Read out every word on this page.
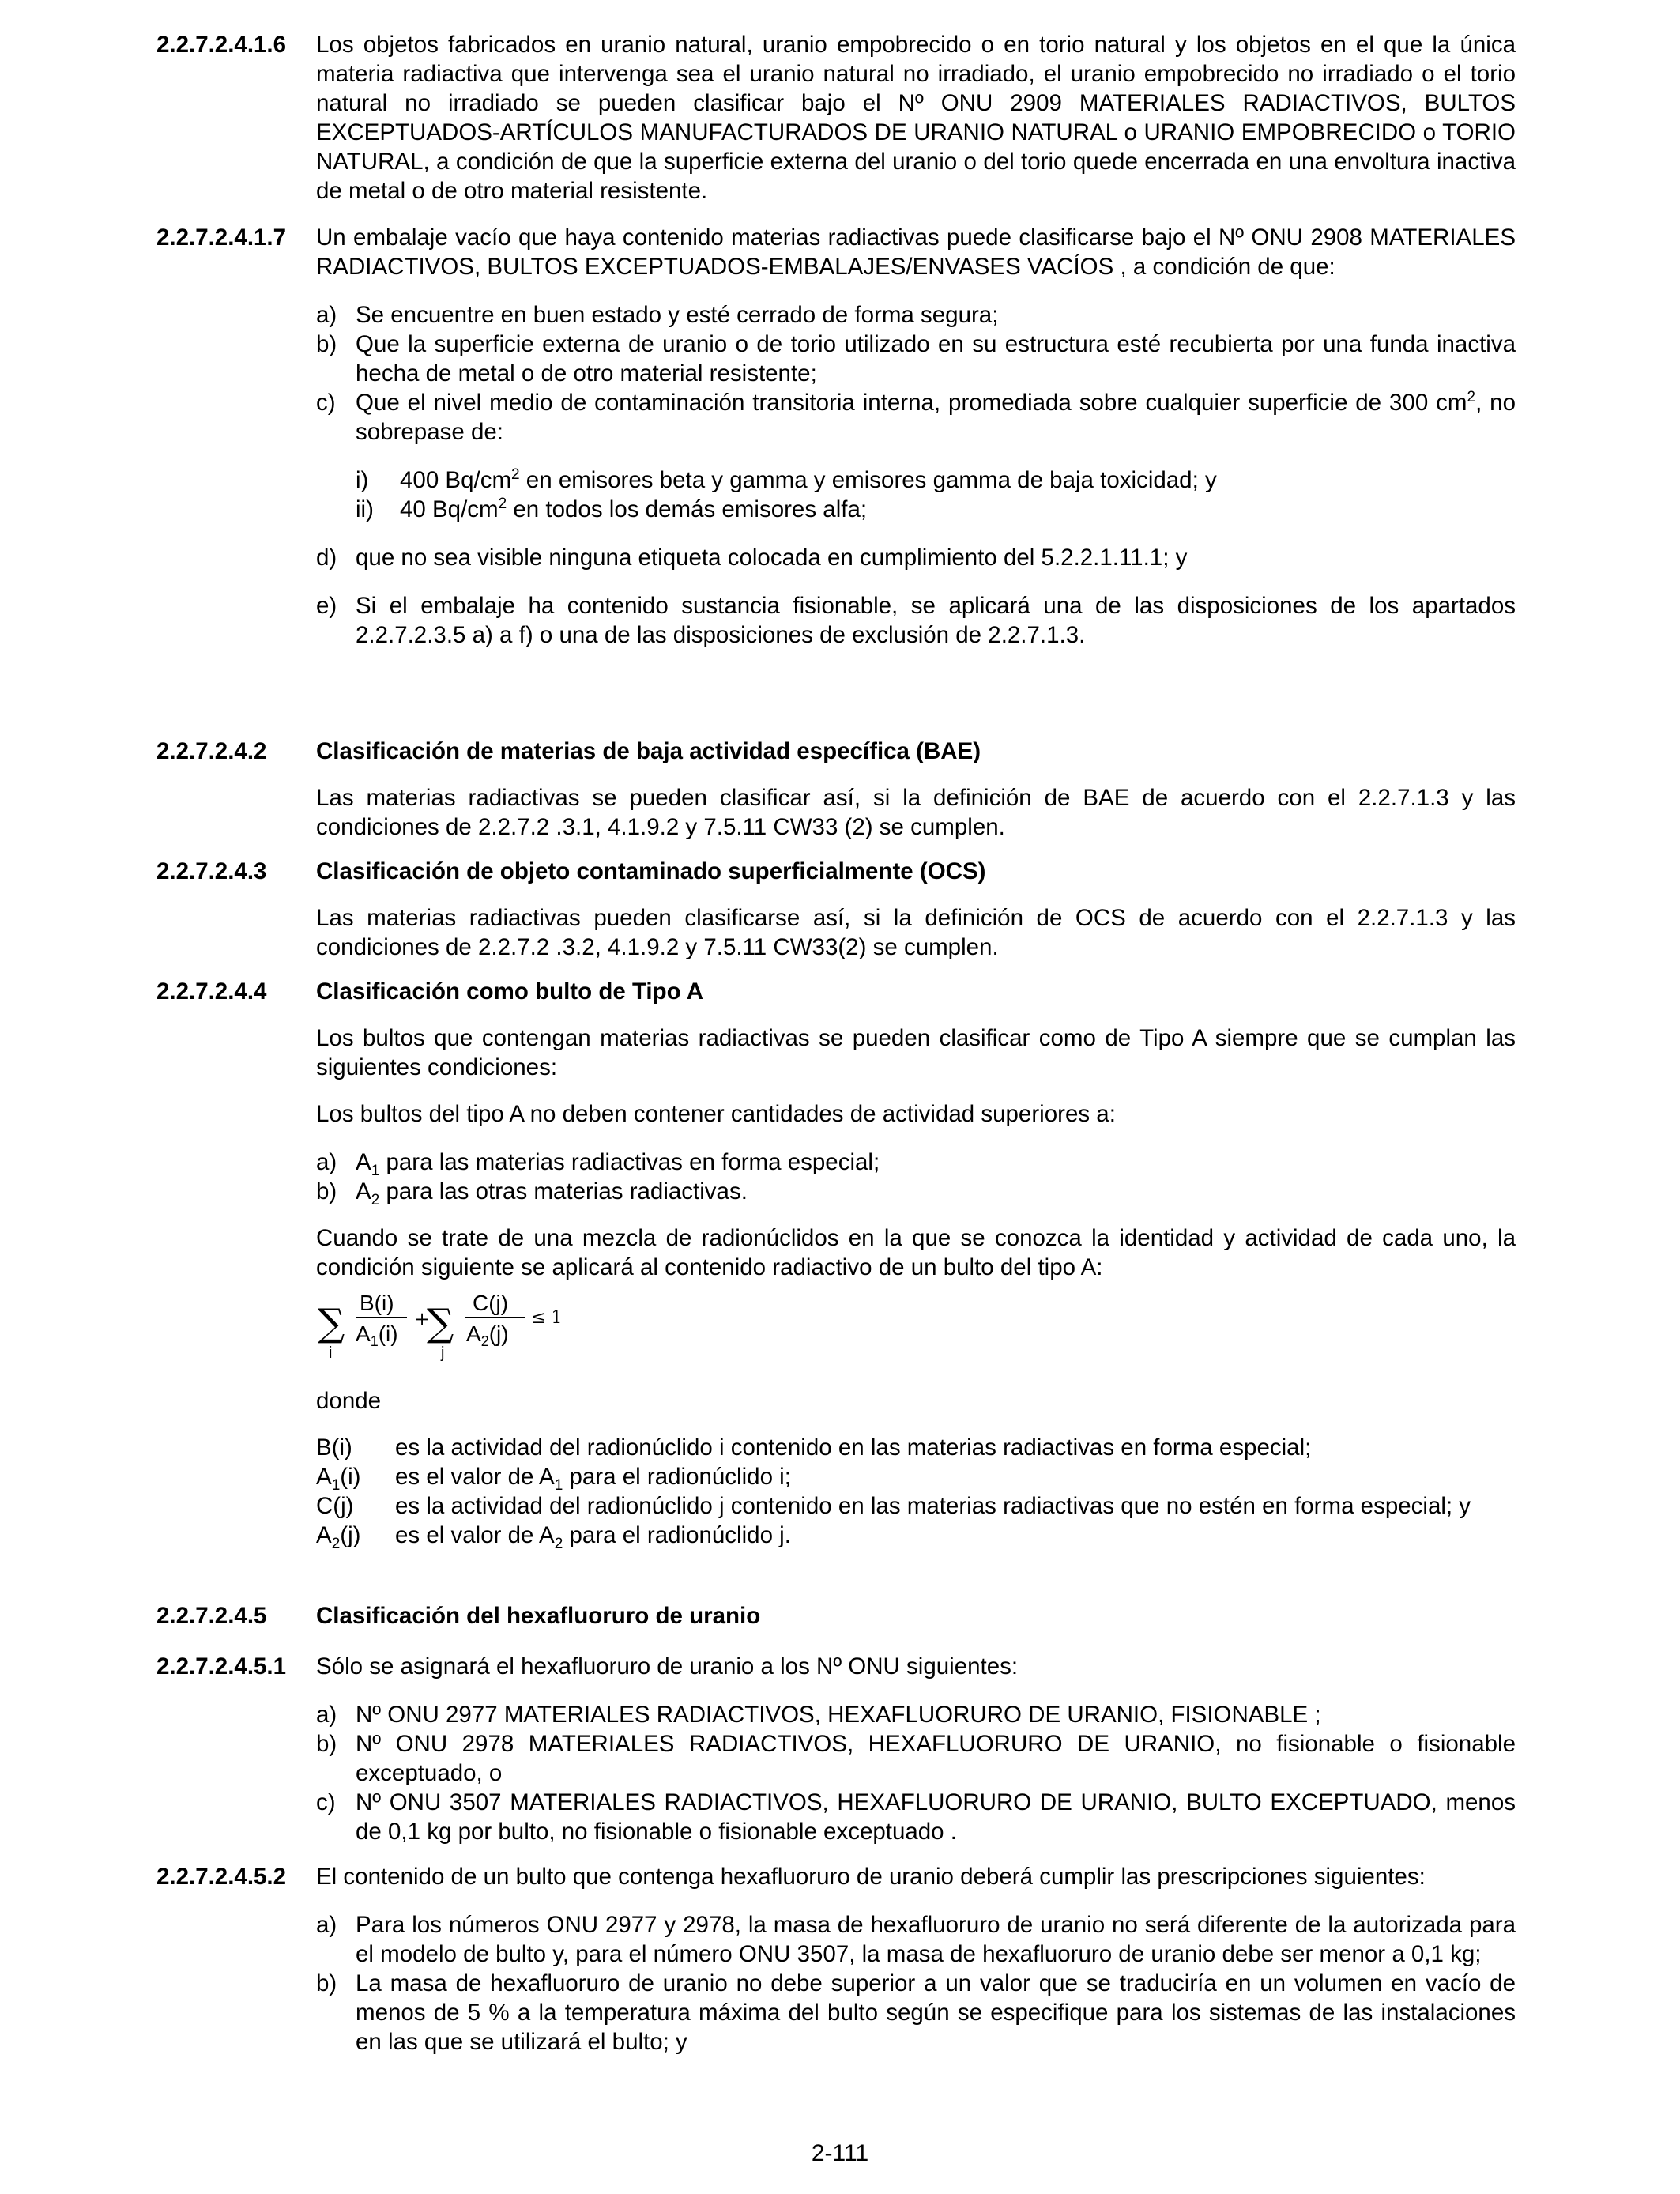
2.2.7.2.4.1.6	Los objetos fabricados en uranio natural, uranio empobrecido o en torio natural y los objetos en el que la única materia radiactiva que intervenga sea el uranio natural no irradiado, el uranio empobrecido no irradiado o el torio natural no irradiado se pueden clasificar bajo el Nº ONU 2909 MATERIALES RADIACTIVOS, BULTOS EXCEPTUADOS-ARTÍCULOS MANUFACTURADOS DE URANIO NATURAL o URANIO EMPOBRECIDO o TORIO NATURAL, a condición de que la superficie externa del uranio o del torio quede encerrada en una envoltura inactiva de metal o de otro material resistente.

2.2.7.2.4.1.7	Un embalaje vacío que haya contenido materias radiactivas puede clasificarse bajo el Nº ONU 2908 MATERIALES RADIACTIVOS, BULTOS EXCEPTUADOS-EMBALAJES/ENVASES VACÍOS , a condición de que:

a) Se encuentre en buen estado y esté cerrado de forma segura;
b) Que la superficie externa de uranio o de torio utilizado en su estructura esté recubierta por una funda inactiva hecha de metal o de otro material resistente;
c) Que el nivel medio de contaminación transitoria interna, promediada sobre cualquier superficie de 300 $cm^2$, no sobrepase de:
i) 400 $Bq/cm^2$ en emisores beta y gamma y emisores gamma de baja toxicidad; y
ii) 40 $Bq/cm^2$ en todos los demás emisores alfa;
d) que no sea visible ninguna etiqueta colocada en cumplimiento del 5.2.2.1.11.1; y
e) Si el embalaje ha contenido sustancia fisionable, se aplicará una de las disposiciones de los apartados 2.2.7.2.3.5 a) a f) o una de las disposiciones de exclusión de 2.2.7.1.3.
2.2.7.2.4.2	Clasificación de materias de baja actividad específica (BAE)

Las materias radiactivas se pueden clasificar así, si la definición de BAE de acuerdo con el 2.2.7.1.3 y las condiciones de 2.2.7.2 .3.1, 4.1.9.2 y 7.5.11 CW33 (2) se cumplen.

2.2.7.2.4.3	Clasificación de objeto contaminado superficialmente (OCS)

Las materias radiactivas pueden clasificarse así, si la definición de OCS de acuerdo con el 2.2.7.1.3 y las condiciones de 2.2.7.2 .3.2, 4.1.9.2 y 7.5.11 CW33(2) se cumplen.

2.2.7.2.4.4	Clasificación como bulto de Tipo A

Los bultos que contengan materias radiactivas se pueden clasificar como de Tipo A siempre que se cumplan las siguientes condiciones:

Los bultos del tipo A no deben contener cantidades de actividad superiores a:

a) $A_1$ para las materias radiactivas en forma especial;
b) $A_2$ para las otras materias radiactivas.

Cuando se trate de una mezcla de radionúclidos en la que se conozca la identidad y actividad de cada uno, la condición siguiente se aplicará al contenido radiactivo de un bulto del tipo A:

∑
i
B(i)
$A_1(i)$
+
∑
j
C(j)
$A_2(j)$
≤ 1

donde

B(i) es la actividad del radionúclido i contenido en las materias radiactivas en forma especial;
$A_1(i)$ es el valor de $A_1$ para el radionúclido i;
C(j) es la actividad del radionúclido j contenido en las materias radiactivas que no estén en forma especial; y
$A_2(j)$ es el valor de $A_2$ para el radionúclido j.
2.2.7.2.4.5	Clasificación del hexafluoruro de uranio

2.2.7.2.4.5.1	Sólo se asignará el hexafluoruro de uranio a los Nº ONU siguientes:

a) Nº ONU 2977 MATERIALES RADIACTIVOS, HEXAFLUORURO DE URANIO, FISIONABLE ;
b) Nº ONU 2978 MATERIALES RADIACTIVOS, HEXAFLUORURO DE URANIO, no fisionable o fisionable exceptuado, o
c) Nº ONU 3507 MATERIALES RADIACTIVOS, HEXAFLUORURO DE URANIO, BULTO EXCEPTUADO, menos de 0,1 kg por bulto, no fisionable o fisionable exceptuado .
2.2.7.2.4.5.2	El contenido de un bulto que contenga hexafluoruro de uranio deberá cumplir las prescripciones siguientes:

a) Para los números ONU 2977 y 2978, la masa de hexafluoruro de uranio no será diferente de la autorizada para el modelo de bulto y, para el número ONU 3507, la masa de hexafluoruro de uranio debe ser menor a 0,1 kg;
b) La masa de hexafluoruro de uranio no debe superior a un valor que se traduciría en un volumen en vacío de menos de 5 % a la temperatura máxima del bulto según se especifique para los sistemas de las instalaciones en las que se utilizará el bulto; y
2-111
